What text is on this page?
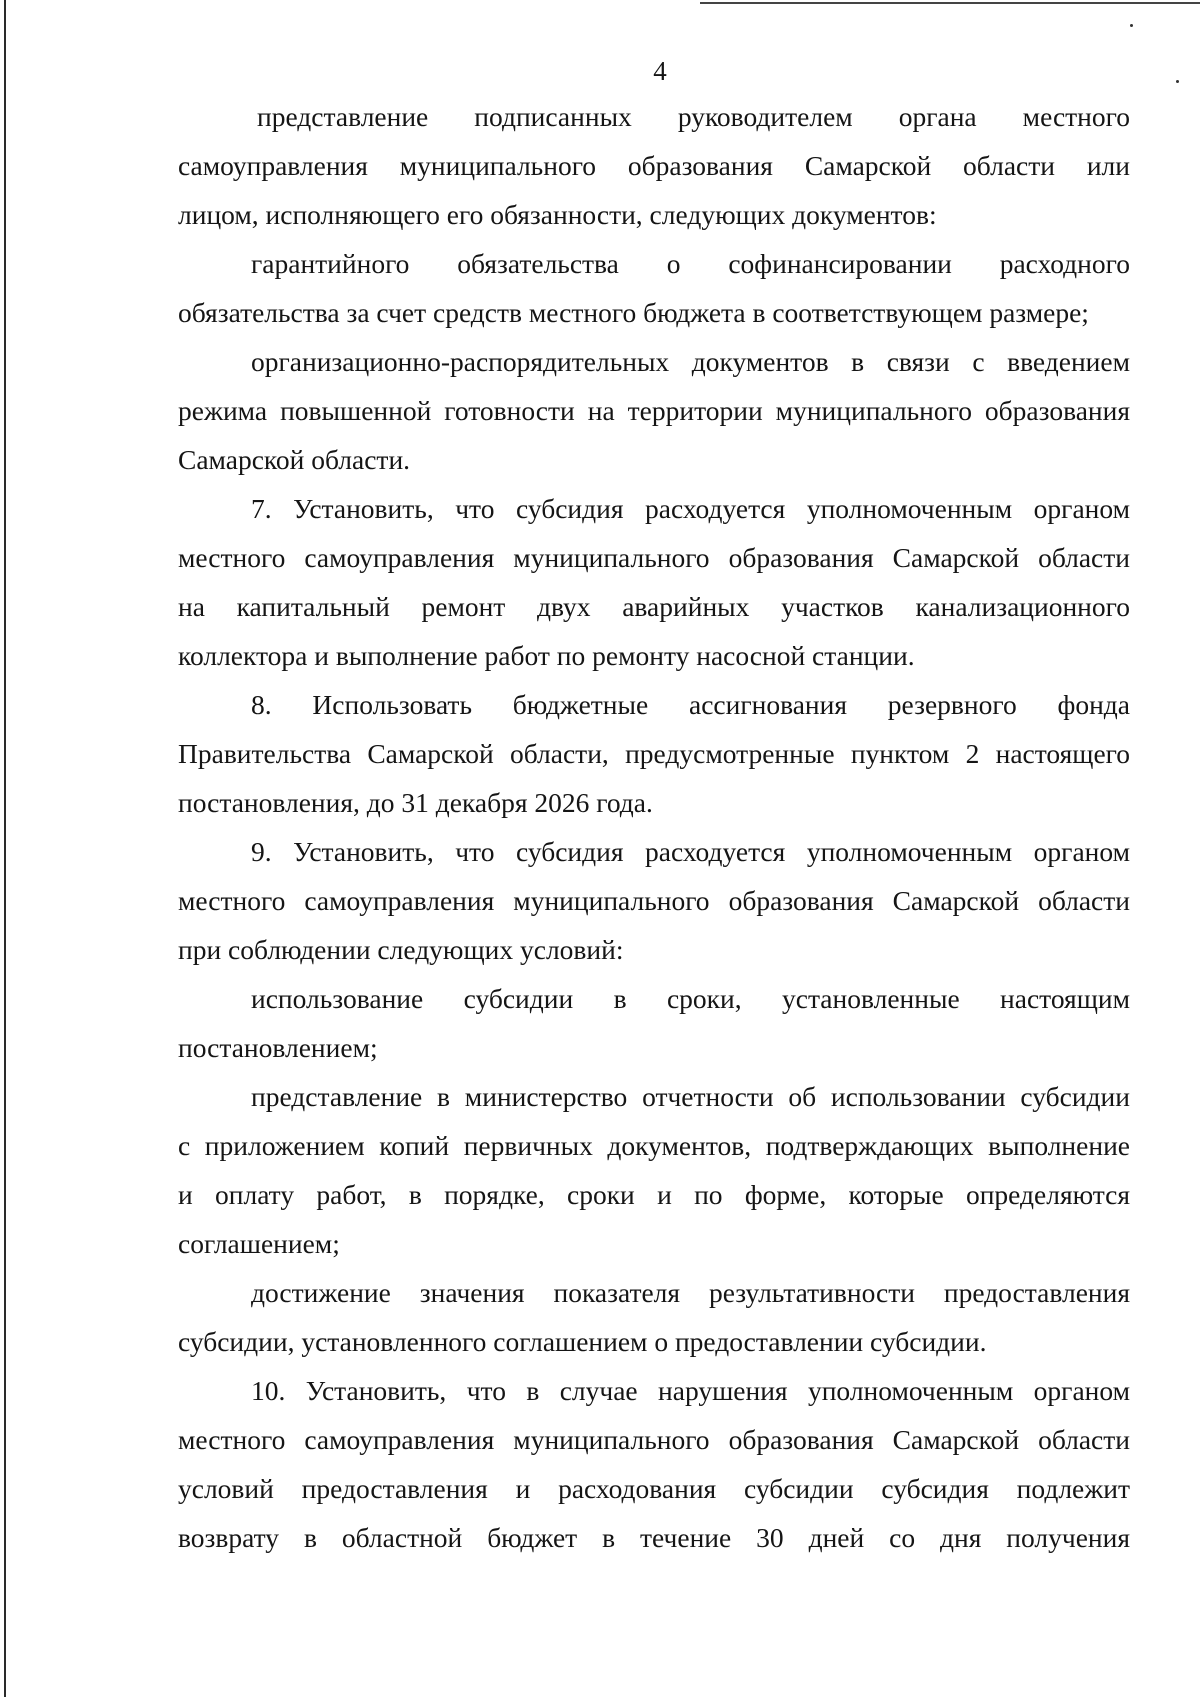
4
представление подписанных руководителем органа местного
самоуправления муниципального образования Самарской области или
лицом, исполняющего его обязанности, следующих документов:
гарантийного обязательства о софинансировании расходного
обязательства за счет средств местного бюджета в соответствующем размере;
организационно-распорядительных документов в связи с введением
режима повышенной готовности на территории муниципального образования
Самарской области.
7. Установить, что субсидия расходуется уполномоченным органом
местного самоуправления муниципального образования Самарской области
на капитальный ремонт двух аварийных участков канализационного
коллектора и выполнение работ по ремонту насосной станции.
8. Использовать бюджетные ассигнования резервного фонда
Правительства Самарской области, предусмотренные пунктом 2 настоящего
постановления, до 31 декабря 2026 года.
9. Установить, что субсидия расходуется уполномоченным органом
местного самоуправления муниципального образования Самарской области
при соблюдении следующих условий:
использование субсидии в сроки, установленные настоящим
постановлением;
представление в министерство отчетности об использовании субсидии
с приложением копий первичных документов, подтверждающих выполнение
и оплату работ, в порядке, сроки и по форме, которые определяются
соглашением;
достижение значения показателя результативности предоставления
субсидии, установленного соглашением о предоставлении субсидии.
10. Установить, что в случае нарушения уполномоченным органом
местного самоуправления муниципального образования Самарской области
условий предоставления и расходования субсидии субсидия подлежит
возврату в областной бюджет в течение 30 дней со дня получения
